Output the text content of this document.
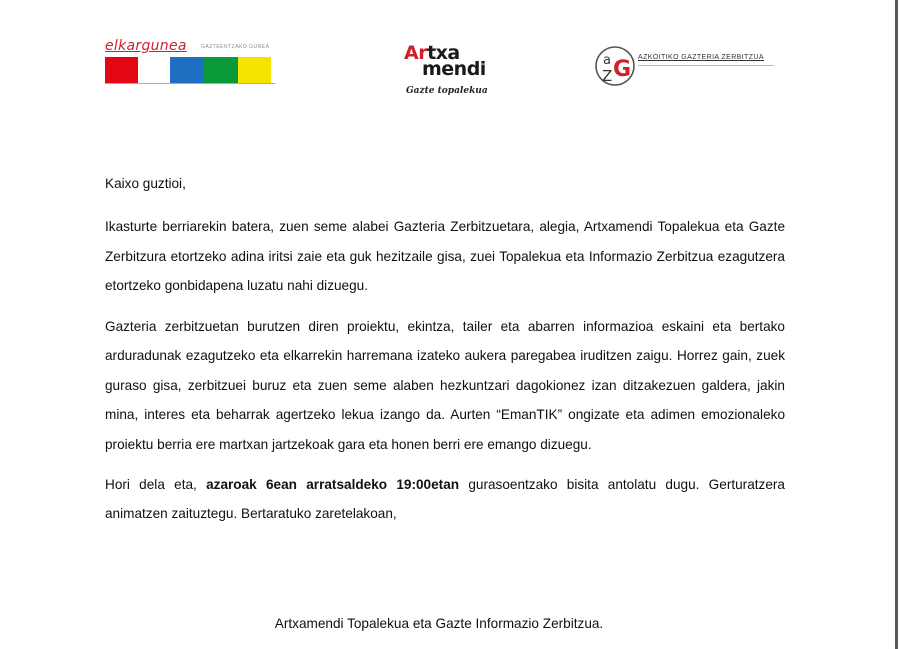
elkargunea	GAZTEENTZAKO GUNEA	Artxa
mendi
Gazte topalekua
a
Z G AZKOITIKO GAZTERIA ZERBITZUA

Kaixo guztioi,

Ikasturte berriarekin batera, zuen seme alabei Gazteria Zerbitzuetara, alegia, Artxamendi Topalekua eta Gazte Zerbitzura etortzeko adina iritsi zaie eta guk hezitzaile gisa, zuei Topalekua eta Informazio Zerbitzua ezagutzera etortzeko gonbidapena luzatu nahi dizuegu.

Gazteria zerbitzuetan burutzen diren proiektu, ekintza, tailer eta abarren informazioa eskaini eta bertako arduradunak ezagutzeko eta elkarrekin harremana izateko aukera paregabea iruditzen zaigu. Horrez gain, zuek guraso gisa, zerbitzuei buruz eta zuen seme alaben hezkuntzari dagokionez izan ditzakezuen galdera, jakin mina, interes eta beharrak agertzeko lekua izango da. Aurten “EmanTIK” ongizate eta adimen emozionaleko proiektu berria ere martxan jartzekoak gara eta honen berri ere emango dizuegu.

Hori dela eta, azaroak 6ean arratsaldeko 19:00etan gurasoentzako bisita antolatu dugu. Gerturatzera animatzen zaituztegu. Bertaratuko zaretelakoan,

Artxamendi Topalekua eta Gazte Informazio Zerbitzua.
